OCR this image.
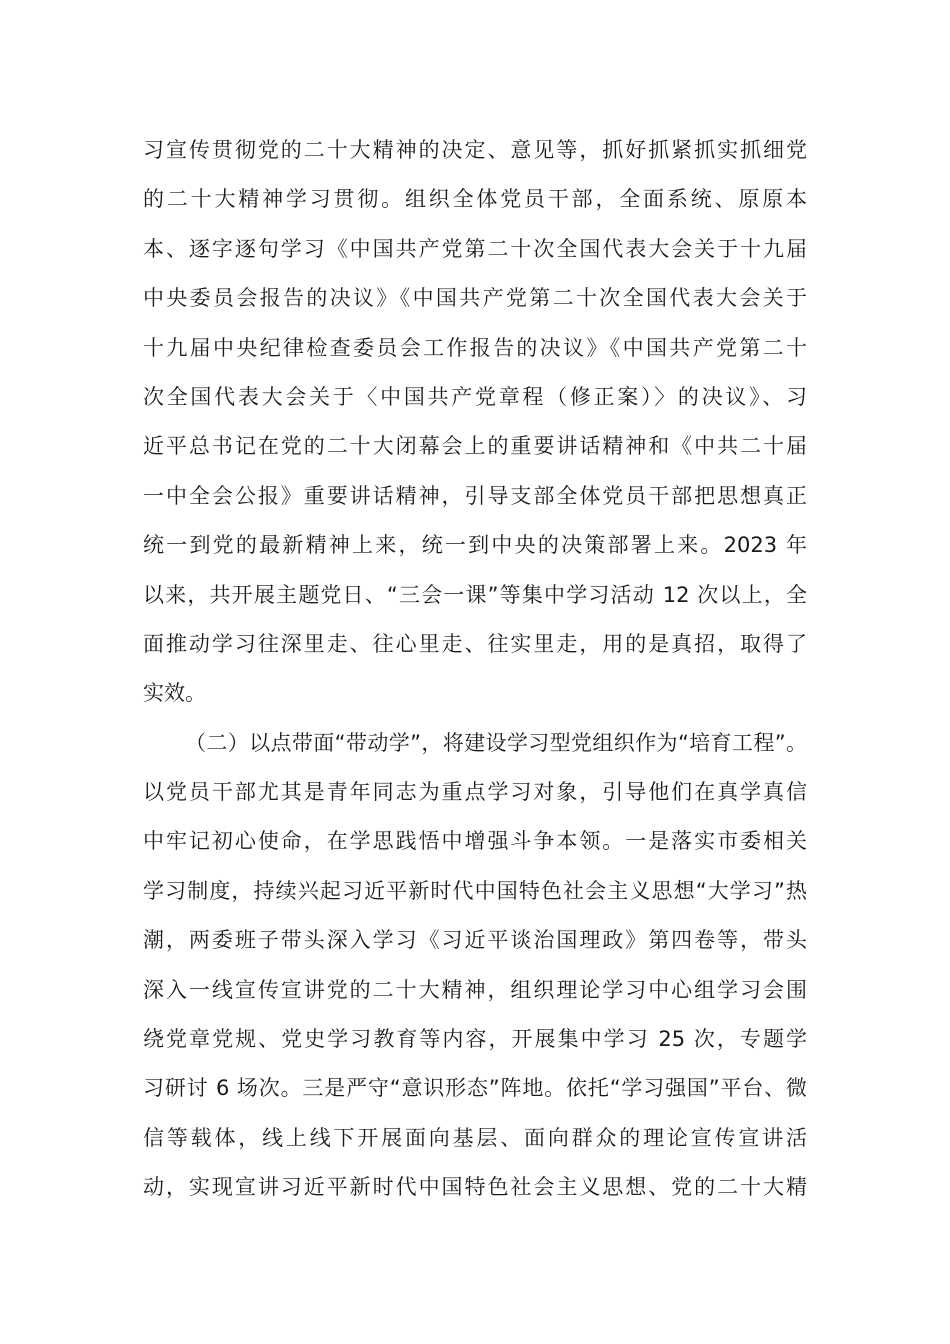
习宣传贯彻党的二十大精神的决定、意见等，抓好抓紧抓实抓细党
的二十大精神学习贯彻。组织全体党员干部，全面系统、原原本
本、逐字逐句学习《中国共产党第二十次全国代表大会关于十九届
中央委员会报告的决议》《中国共产党第二十次全国代表大会关于
十九届中央纪律检查委员会工作报告的决议》《中国共产党第二十
次全国代表大会关于〈中国共产党章程（修正案）〉的决议》、习
近平总书记在党的二十大闭幕会上的重要讲话精神和《中共二十届
一中全会公报》重要讲话精神，引导支部全体党员干部把思想真正
统一到党的最新精神上来，统一到中央的决策部署上来。2023 年
以来，共开展主题党日、“三会一课”等集中学习活动 12 次以上，全
面推动学习往深里走、往心里走、往实里走，用的是真招，取得了
实效。
（二）以点带面“带动学”，将建设学习型党组织作为“培育工程”。
以党员干部尤其是青年同志为重点学习对象，引导他们在真学真信
中牢记初心使命，在学思践悟中增强斗争本领。一是落实市委相关
学习制度，持续兴起习近平新时代中国特色社会主义思想“大学习”热
潮，两委班子带头深入学习《习近平谈治国理政》第四卷等，带头
深入一线宣传宣讲党的二十大精神，组织理论学习中心组学习会围
绕党章党规、党史学习教育等内容，开展集中学习 25 次，专题学
习研讨 6 场次。三是严守“意识形态”阵地。依托“学习强国”平台、微
信等载体，线上线下开展面向基层、面向群众的理论宣传宣讲活
动，实现宣讲习近平新时代中国特色社会主义思想、党的二十大精
